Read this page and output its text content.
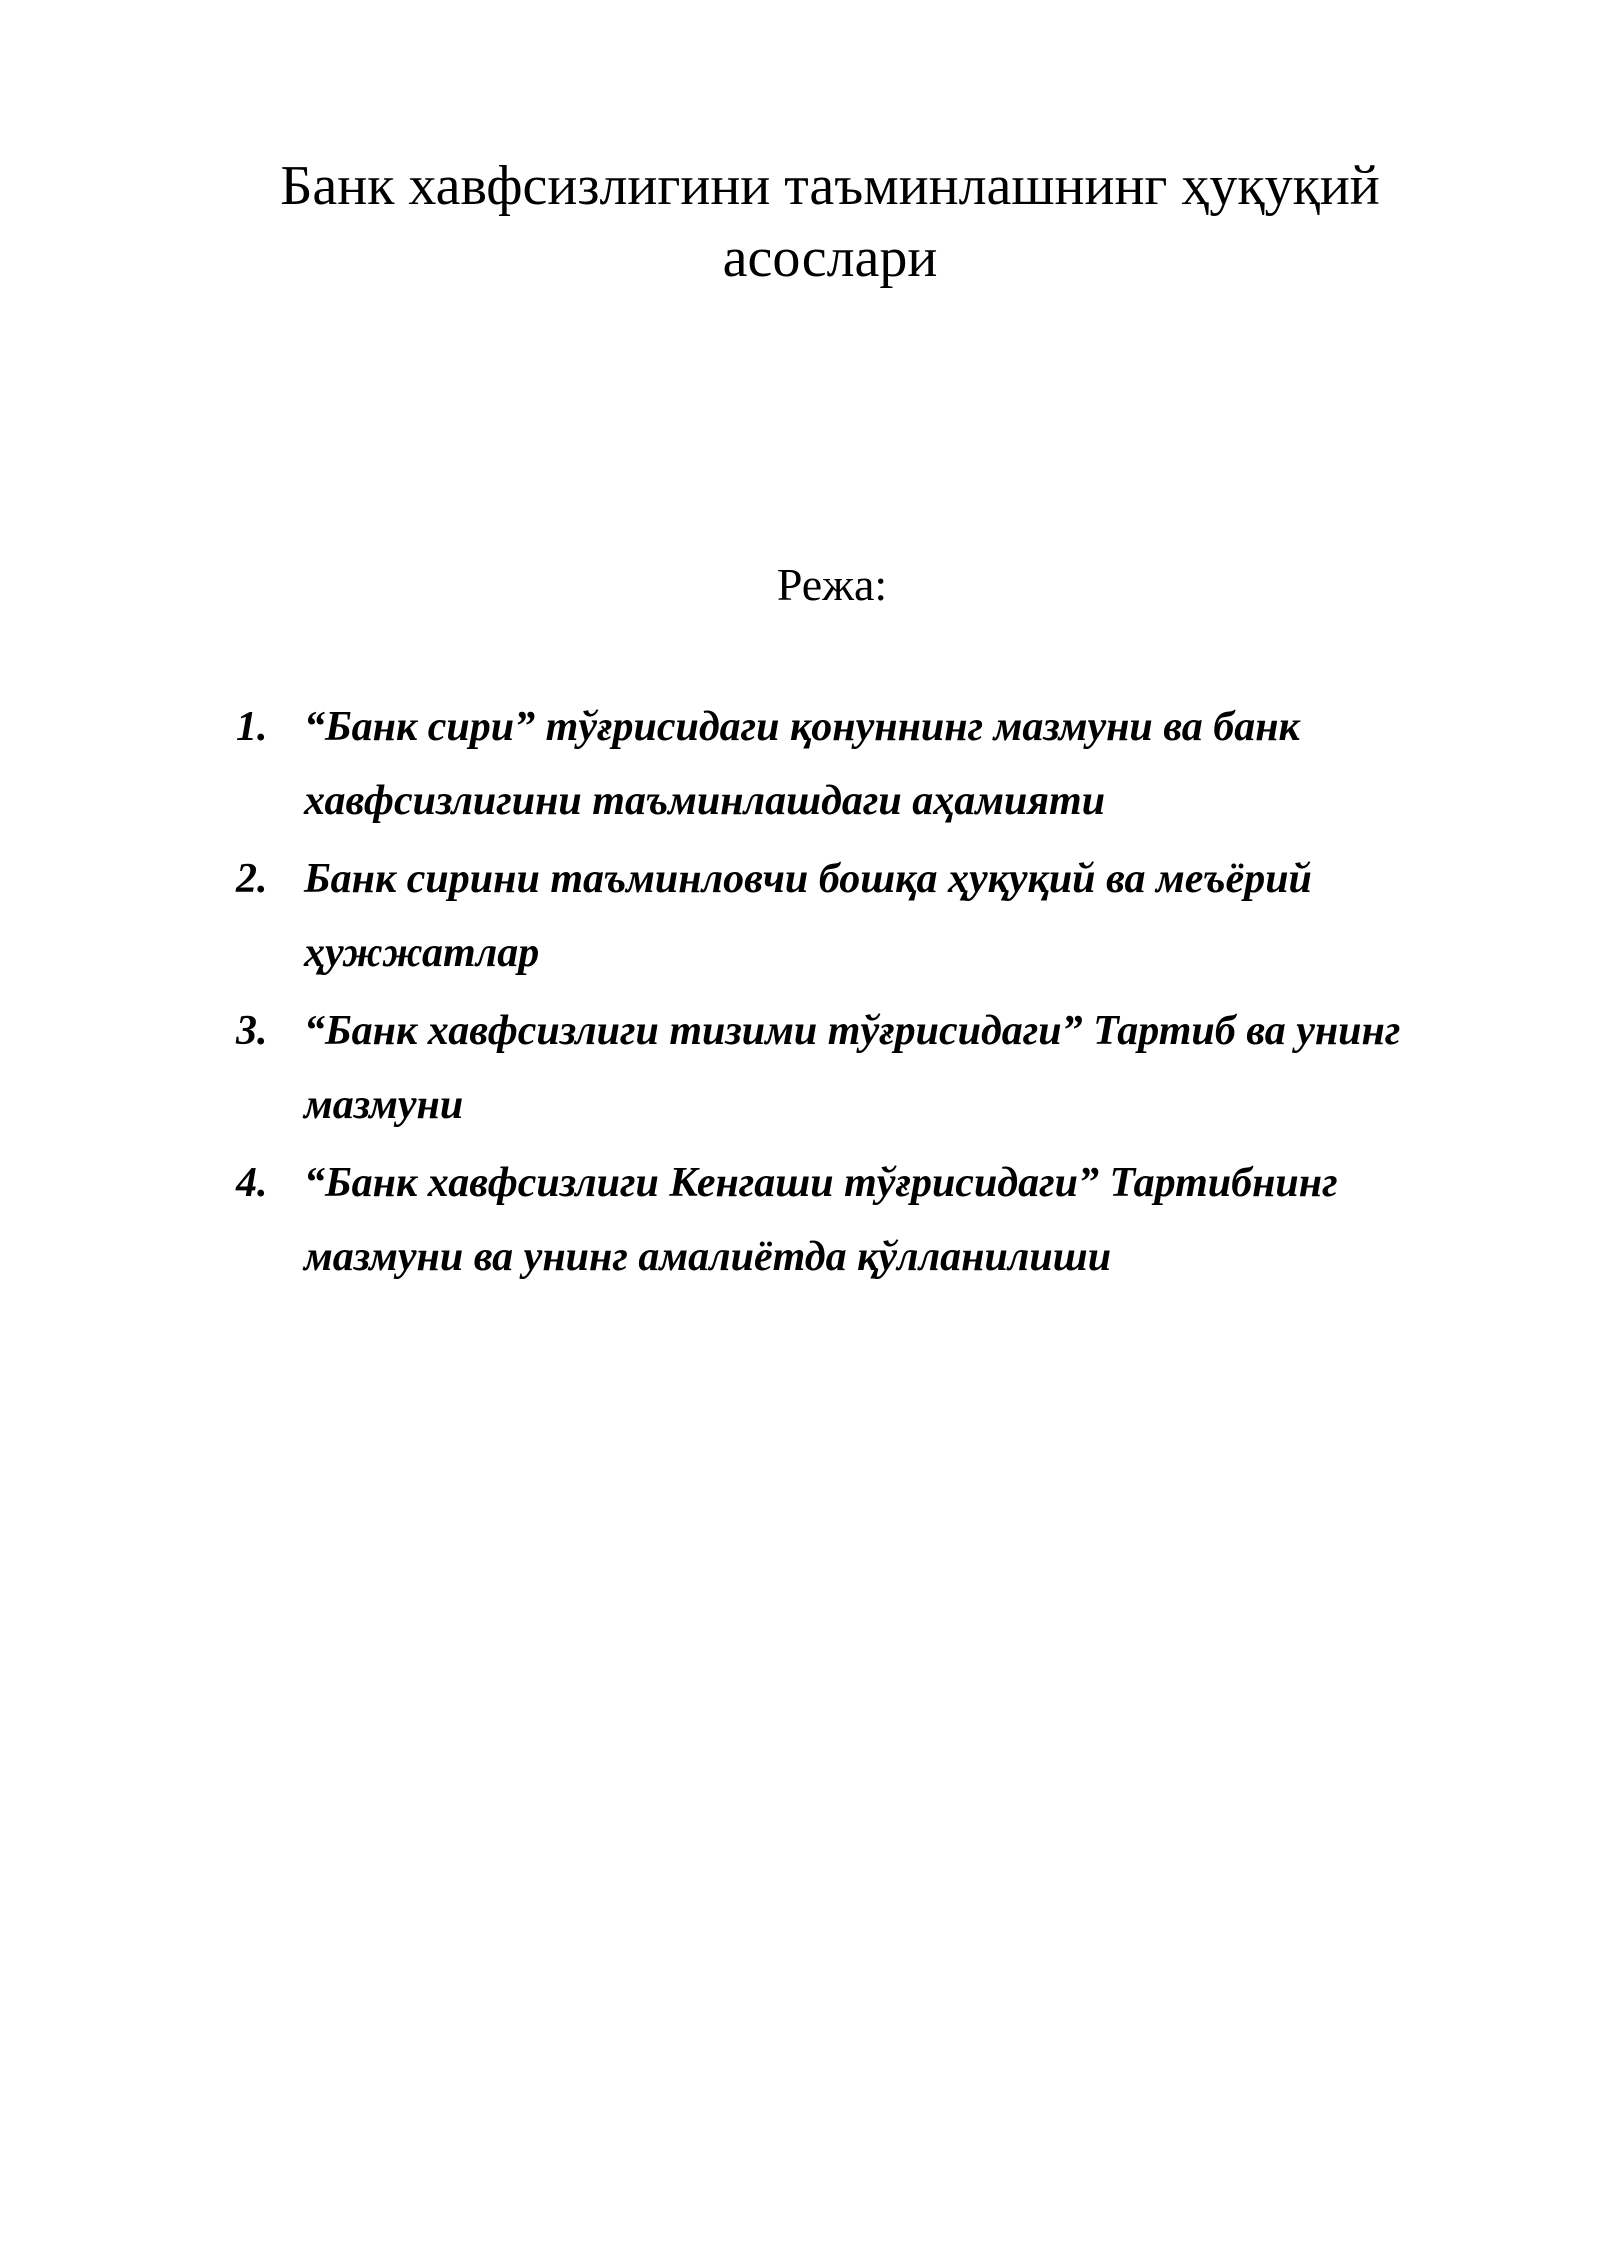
Банк хавфсизлигини таъминлашнинг ҳуқуқий асослари

Режа:

1. “Банк сири” тўғрисидаги қонуннинг мазмуни ва банк хавфсизлигини таъминлашдаги аҳамияти
2. Банк сирини таъминловчи бошқа ҳуқуқий ва меъёрий ҳужжатлар
3. “Банк хавфсизлиги тизими тўғрисидаги” Тартиб ва унинг мазмуни
4. “Банк хавфсизлиги Кенгаши тўғрисидаги” Тартибнинг мазмуни ва унинг амалиётда қўлланилиши
